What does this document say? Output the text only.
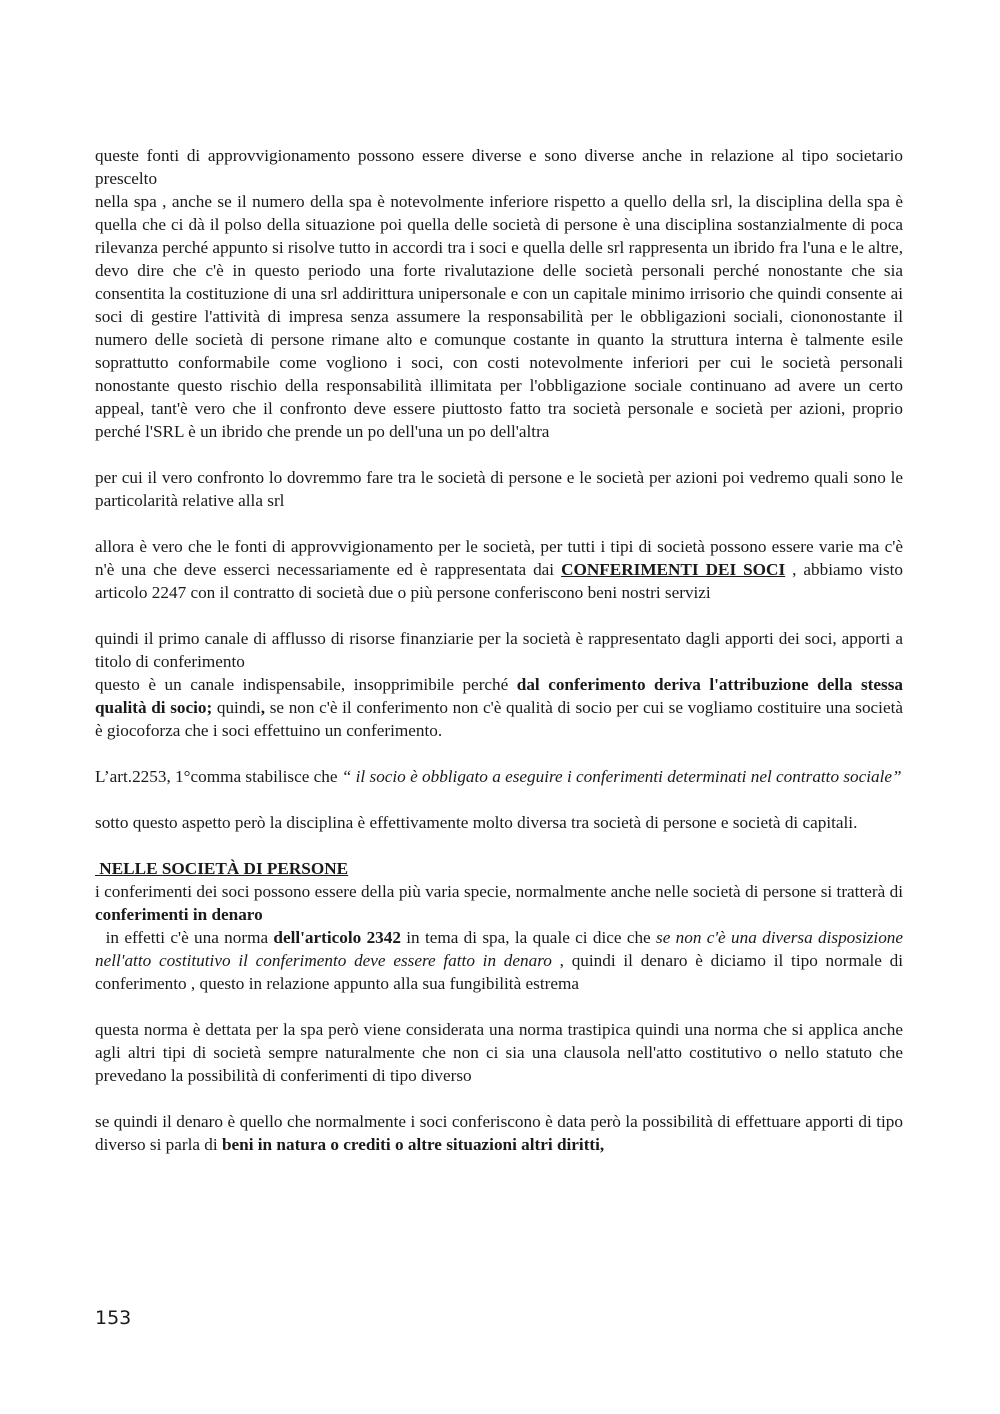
queste fonti di approvvigionamento possono essere diverse e sono diverse anche in relazione al tipo societario prescelto

nella spa , anche se il numero della spa è notevolmente inferiore rispetto a quello della srl, la disciplina della spa è quella che ci dà il polso della situazione poi quella delle società di persone è una disciplina sostanzialmente di poca rilevanza perché appunto si risolve tutto in accordi tra i soci e quella delle srl rappresenta un ibrido fra l'una e le altre, devo dire che c'è in questo periodo una forte rivalutazione delle società personali perché nonostante che sia consentita la costituzione di una srl addirittura unipersonale e con un capitale minimo irrisorio che quindi consente ai soci di gestire l'attività di impresa senza assumere la responsabilità per le obbligazioni sociali, ciononostante il numero delle società di persone rimane alto e comunque costante in quanto la struttura interna è talmente esile soprattutto conformabile come vogliono i soci, con costi notevolmente inferiori per cui le società personali nonostante questo rischio della responsabilità illimitata per l'obbligazione sociale continuano ad avere un certo appeal, tant'è vero che il confronto deve essere piuttosto fatto tra società personale e società per azioni, proprio perché l'SRL è un ibrido che prende un po dell'una un po dell'altra

per cui il vero confronto lo dovremmo fare tra le società di persone e le società per azioni poi vedremo quali sono le particolarità relative alla srl

allora è vero che le fonti di approvvigionamento per le società, per tutti i tipi di società possono essere varie ma c'è n'è una che deve esserci necessariamente ed è rappresentata dai CONFERIMENTI DEI SOCI , abbiamo visto articolo 2247 con il contratto di società due o più persone conferiscono beni nostri servizi

quindi il primo canale di afflusso di risorse finanziarie per la società è rappresentato dagli apporti dei soci, apporti a titolo di conferimento

questo è un canale indispensabile, insopprimibile perché dal conferimento deriva l'attribuzione della stessa qualità di socio; quindi, se non c'è il conferimento non c'è qualità di socio per cui se vogliamo costituire una società è giocoforza che i soci effettuino un conferimento.

L’art.2253, 1°comma stabilisce che “ il socio è obbligato a eseguire i conferimenti determinati nel contratto sociale”

sotto questo aspetto però la disciplina è effettivamente molto diversa tra società di persone e società di capitali.

NELLE SOCIETÀ DI PERSONE

i conferimenti dei soci possono essere della più varia specie, normalmente anche nelle società di persone si tratterà di conferimenti in denaro

in effetti c'è una norma dell'articolo 2342 in tema di spa, la quale ci dice che se non c'è una diversa disposizione nell'atto costitutivo il conferimento deve essere fatto in denaro , quindi il denaro è diciamo il tipo normale di conferimento , questo in relazione appunto alla sua fungibilità estrema

questa norma è dettata per la spa però viene considerata una norma trastipica quindi una norma che si applica anche agli altri tipi di società sempre naturalmente che non ci sia una clausola nell'atto costitutivo o nello statuto che prevedano la possibilità di conferimenti di tipo diverso

se quindi il denaro è quello che normalmente i soci conferiscono è data però la possibilità di effettuare apporti di tipo diverso si parla di beni in natura o crediti o altre situazioni altri diritti,

153
